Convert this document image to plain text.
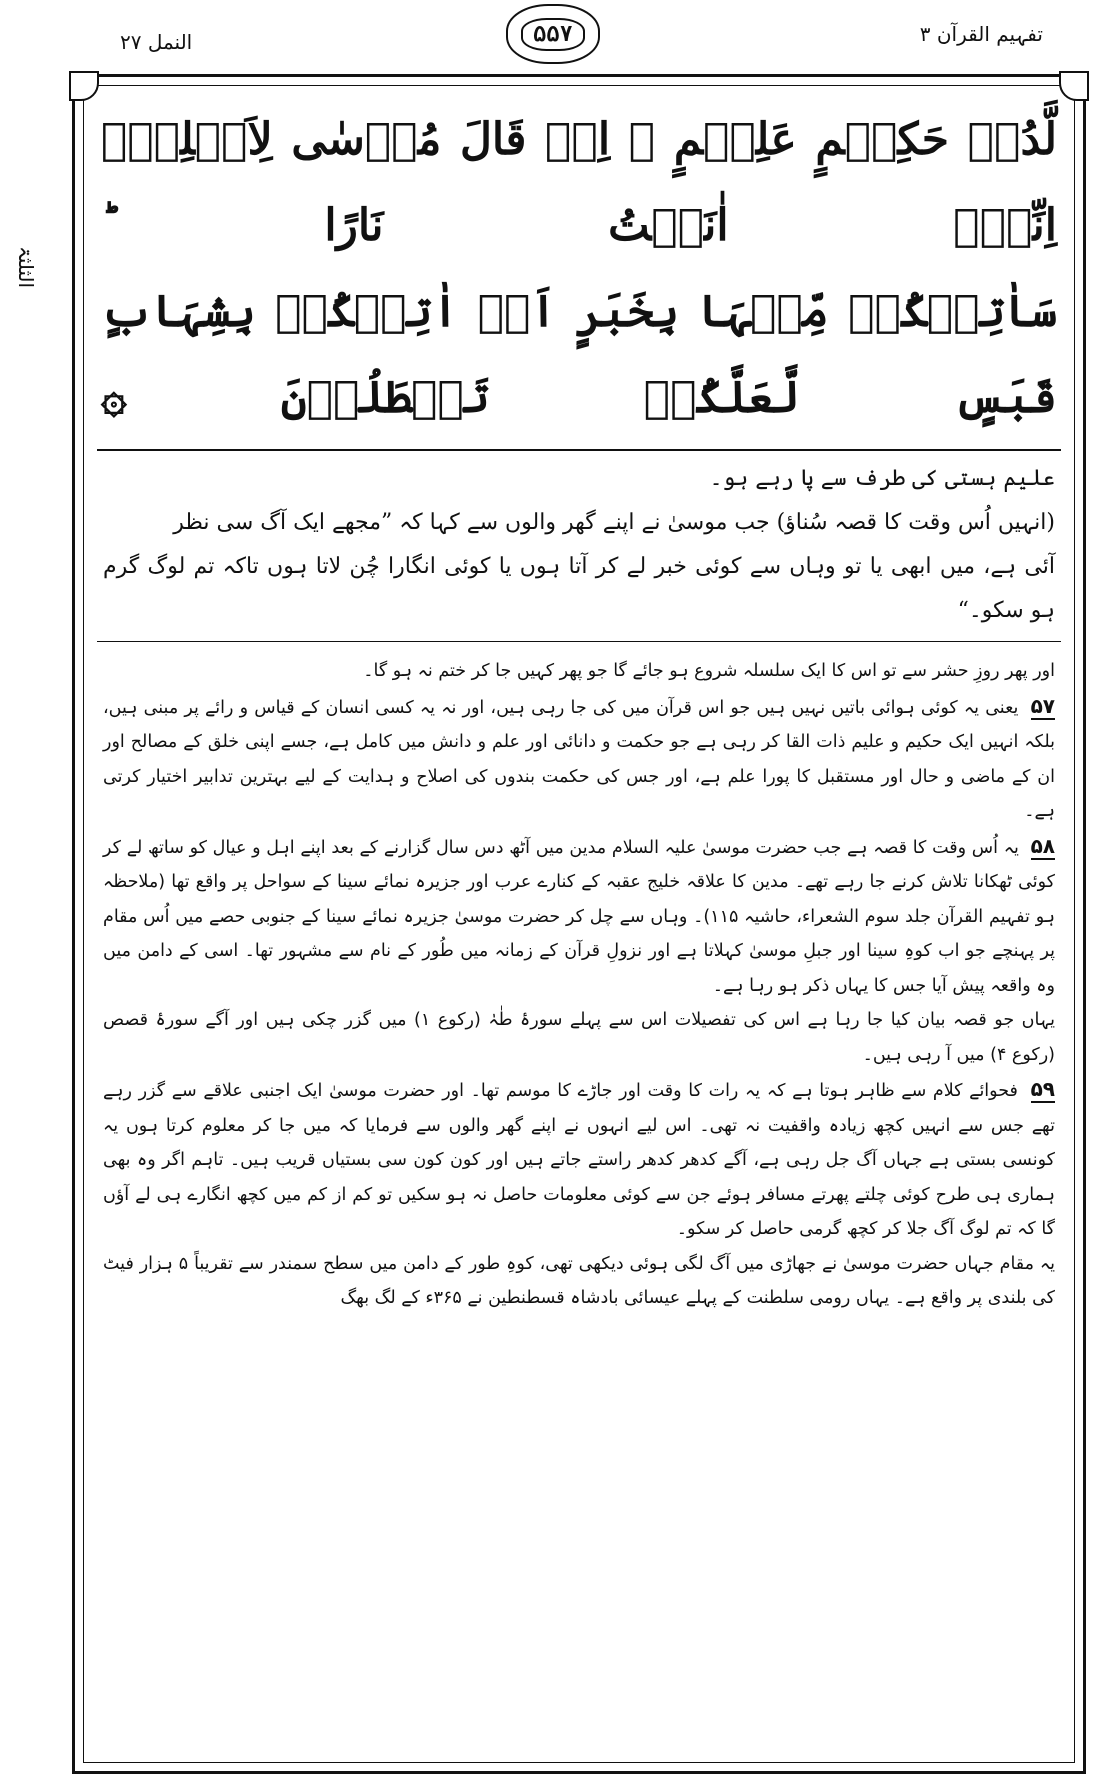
النمل ۲۷	۵۵۷	تفہیم القرآن ۳
الثلثۃ
لَّدُنۡ حَکِیۡمٍ عَلِیۡمٍ ۞ اِذۡ قَالَ مُوۡسٰی لِاَہۡلِہٖۤ اِنِّیۡۤ اٰنَسۡتُ نَارًا ؕ
سَاٰتِیۡکُمۡ مِّنۡہَا بِخَبَرٍ اَوۡ اٰتِیۡکُمۡ بِشِہَابٍ قَبَسٍ لَّعَلَّکُمۡ تَصۡطَلُوۡنَ ۞

علیم ہستی کی طرف سے پا رہے ہو۔

(انہیں اُس وقت کا قصہ سُناؤ) جب موسیٰ نے اپنے گھر والوں سے کہا کہ ”مجھے ایک آگ سی نظر

آئی ہے، میں ابھی یا تو وہاں سے کوئی خبر لے کر آتا ہوں یا کوئی انگارا چُن لاتا ہوں تاکہ تم لوگ گرم ہو سکو۔“

اور پھر روزِ حشر سے تو اس کا ایک سلسلہ شروع ہو جائے گا جو پھر کہیں جا کر ختم نہ ہو گا۔

۵۷ یعنی یہ کوئی ہوائی باتیں نہیں ہیں جو اس قرآن میں کی جا رہی ہیں، اور نہ یہ کسی انسان کے قیاس و رائے پر مبنی ہیں، بلکہ انہیں ایک حکیم و علیم ذات القا کر رہی ہے جو حکمت و دانائی اور علم و دانش میں کامل ہے، جسے اپنی خلق کے مصالح اور ان کے ماضی و حال اور مستقبل کا پورا علم ہے، اور جس کی حکمت بندوں کی اصلاح و ہدایت کے لیے بہترین تدابیر اختیار کرتی ہے۔

۵۸ یہ اُس وقت کا قصہ ہے جب حضرت موسیٰ علیہ السلام مدین میں آٹھ دس سال گزارنے کے بعد اپنے اہل و عیال کو ساتھ لے کر کوئی ٹھکانا تلاش کرنے جا رہے تھے۔ مدین کا علاقہ خلیج عقبہ کے کنارے عرب اور جزیرہ نمائے سینا کے سواحل پر واقع تھا (ملاحظہ ہو تفہیم القرآن جلد سوم الشعراء، حاشیہ ۱۱۵)۔ وہاں سے چل کر حضرت موسیٰ جزیرہ نمائے سینا کے جنوبی حصے میں اُس مقام پر پہنچے جو اب کوہِ سینا اور جبلِ موسیٰ کہلاتا ہے اور نزولِ قرآن کے زمانہ میں طُور کے نام سے مشہور تھا۔ اسی کے دامن میں وہ واقعہ پیش آیا جس کا یہاں ذکر ہو رہا ہے۔

یہاں جو قصہ بیان کیا جا رہا ہے اس کی تفصیلات اس سے پہلے سورۂ طٰہٰ (رکوع ۱) میں گزر چکی ہیں اور آگے سورۂ قصص (رکوع ۴) میں آ رہی ہیں۔

۵۹ فحوائے کلام سے ظاہر ہوتا ہے کہ یہ رات کا وقت اور جاڑے کا موسم تھا۔ اور حضرت موسیٰ ایک اجنبی علاقے سے گزر رہے تھے جس سے انہیں کچھ زیادہ واقفیت نہ تھی۔ اس لیے انہوں نے اپنے گھر والوں سے فرمایا کہ میں جا کر معلوم کرتا ہوں یہ کونسی بستی ہے جہاں آگ جل رہی ہے، آگے کدھر کدھر راستے جاتے ہیں اور کون کون سی بستیاں قریب ہیں۔ تاہم اگر وہ بھی ہماری ہی طرح کوئی چلتے پھرتے مسافر ہوئے جن سے کوئی معلومات حاصل نہ ہو سکیں تو کم از کم میں کچھ انگارے ہی لے آؤں گا کہ تم لوگ آگ جلا کر کچھ گرمی حاصل کر سکو۔

یہ مقام جہاں حضرت موسیٰ نے جھاڑی میں آگ لگی ہوئی دیکھی تھی، کوہِ طور کے دامن میں سطح سمندر سے تقریباً ۵ ہزار فیٹ کی بلندی پر واقع ہے۔ یہاں رومی سلطنت کے پہلے عیسائی بادشاہ قسطنطین نے ۳۶۵ء کے لگ بھگ
